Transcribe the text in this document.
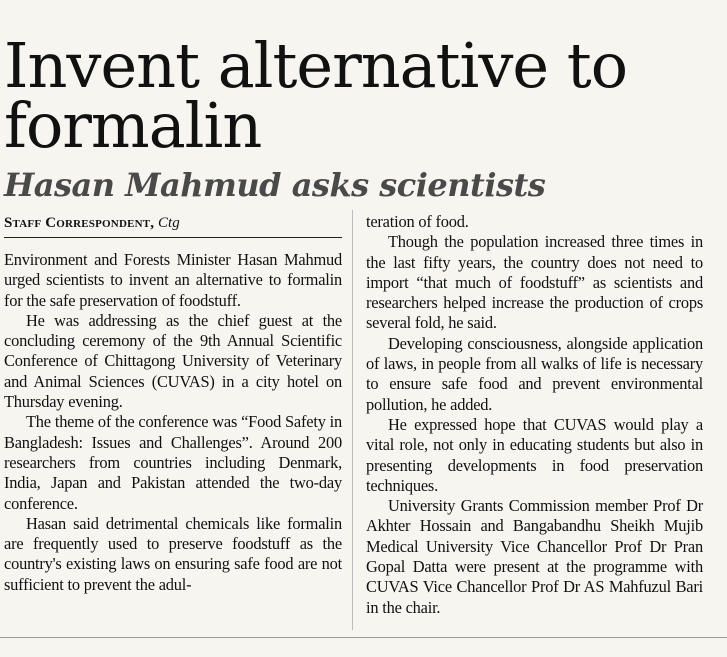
Invent alternative to formalin
Hasan Mahmud asks scientists
Staff Correspondent, Ctg

Environment and Forests Minister Hasan Mahmud urged scientists to invent an alternative to formalin for the safe preservation of foodstuff.

He was addressing as the chief guest at the concluding ceremony of the 9th Annual Scientific Conference of Chittagong University of Veterinary and Animal Sciences (CUVAS) in a city hotel on Thursday evening.

The theme of the conference was “Food Safety in Bangladesh: Issues and Challenges”. Around 200 researchers from countries including Denmark, India, Japan and Pakistan attended the two-day conference.

Hasan said detrimental chemicals like formalin are frequently used to preserve foodstuff as the country's existing laws on ensuring safe food are not sufficient to prevent the adul-

teration of food.

Though the population increased three times in the last fifty years, the country does not need to import “that much of foodstuff” as scientists and researchers helped increase the production of crops several fold, he said.

Developing consciousness, alongside application of laws, in people from all walks of life is necessary to ensure safe food and prevent environmental pollution, he added.

He expressed hope that CUVAS would play a vital role, not only in educating students but also in presenting developments in food preservation techniques.

University Grants Commission member Prof Dr Akhter Hossain and Bangabandhu Sheikh Mujib Medical University Vice Chancellor Prof Dr Pran Gopal Datta were present at the programme with CUVAS Vice Chancellor Prof Dr AS Mahfuzul Bari in the chair.
